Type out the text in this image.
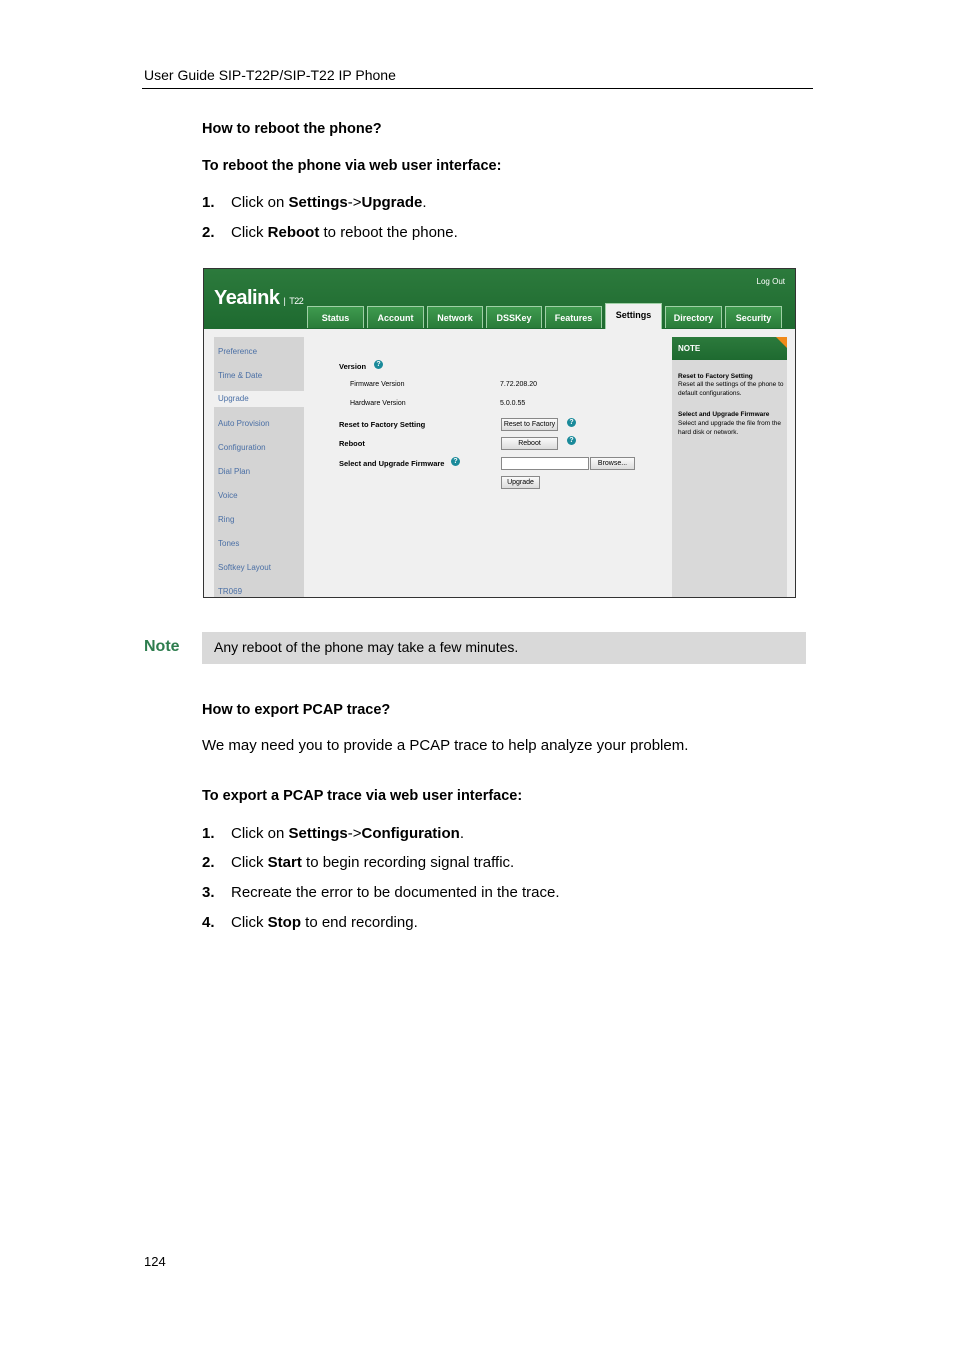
User Guide SIP-T22P/SIP-T22 IP Phone
How to reboot the phone?
To reboot the phone via web user interface:
1. Click on Settings->Upgrade.
2. Click Reboot to reboot the phone.
Yealink | T22
Log Out
Status	Account	Network	DSSKey	Features	Settings	Directory	Security
Preference
Time & Date
Upgrade
Auto Provision
Configuration
Dial Plan
Voice
Ring
Tones
Softkey Layout
TR069
Version	?
Firmware Version	7.72.208.20
Hardware Version	5.0.0.55
Reset to Factory Setting	Reset to Factory	?
Reboot	Reboot	?
Select and Upgrade Firmware	?	Browse...
Upgrade
NOTE
Reset to Factory Setting
Reset all the settings of the phone to default configurations.
Select and Upgrade Firmware
Select and upgrade the file from the hard disk or network.
Note Any reboot of the phone may take a few minutes.
How to export PCAP trace?
We may need you to provide a PCAP trace to help analyze your problem.
To export a PCAP trace via web user interface:
1. Click on Settings->Configuration.
2. Click Start to begin recording signal traffic.
3. Recreate the error to be documented in the trace.
4. Click Stop to end recording.
124
